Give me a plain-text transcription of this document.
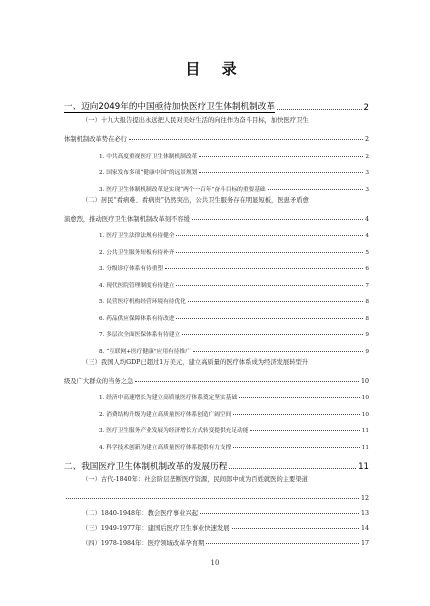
目 录
一、迈向2049年的中国亟待加快医疗卫生体制机制改革	2
（一）十九大报告提出永远把人民对美好生活的向往作为奋斗目标，加快医疗卫生
体制机制改革势在必行	2
1. 中共高度重视医疗卫生体制机制改革	2
2. 国家发布多项“健康中国”的远景规划	3
3. 医疗卫生体制机制改革是实现“两个一百年”奋斗目标的重要基础	3
（二）居民“看病难、看病贵”仍然突出，公共卫生服务存在明显短板，医患矛盾愈
演愈烈，推动医疗卫生体制机制改革刻不容缓	4
1. 医疗卫生法律法规有待健全	4
2. 公共卫生服务短板有待补齐	5
3. 分级诊疗体系有待重塑	6
4. 现代医院管理制度有待建立	7
5. 民营医疗机构经营环境有待优化	8
6. 药品供应保障体系有待改进	8
7. 多层次全面医保体系有待建立	9
8. “互联网+医疗健康”应用有待推广	9
（三）我国人均GDP已超过1万美元，建立高质量的医疗体系成为经济发展转型升
级及广大群众的当务之急	10
1. 经济中高速增长为建立高质量医疗体系奠定坚实基础	10
2. 消费结构升级为建立高质量医疗体系创造广阔空间	10
3. 医疗卫生服务产业发展为经济增长方式转变提供充足动能	11
4. 科学技术创新为建立高质量医疗体系提供有力支撑	11
二、我国医疗卫生体制机制改革的发展历程	11
（一）古代-1840年：社会阶层垄断医疗资源，民间郎中成为百姓就医的主要渠道
12
（二）1840-1948年：教会医疗事业兴起	13
（三）1949-1977年：建国后医疗卫生事业快速发展	14
（四）1978-1984年：医疗领域改革孕育期	17
10
